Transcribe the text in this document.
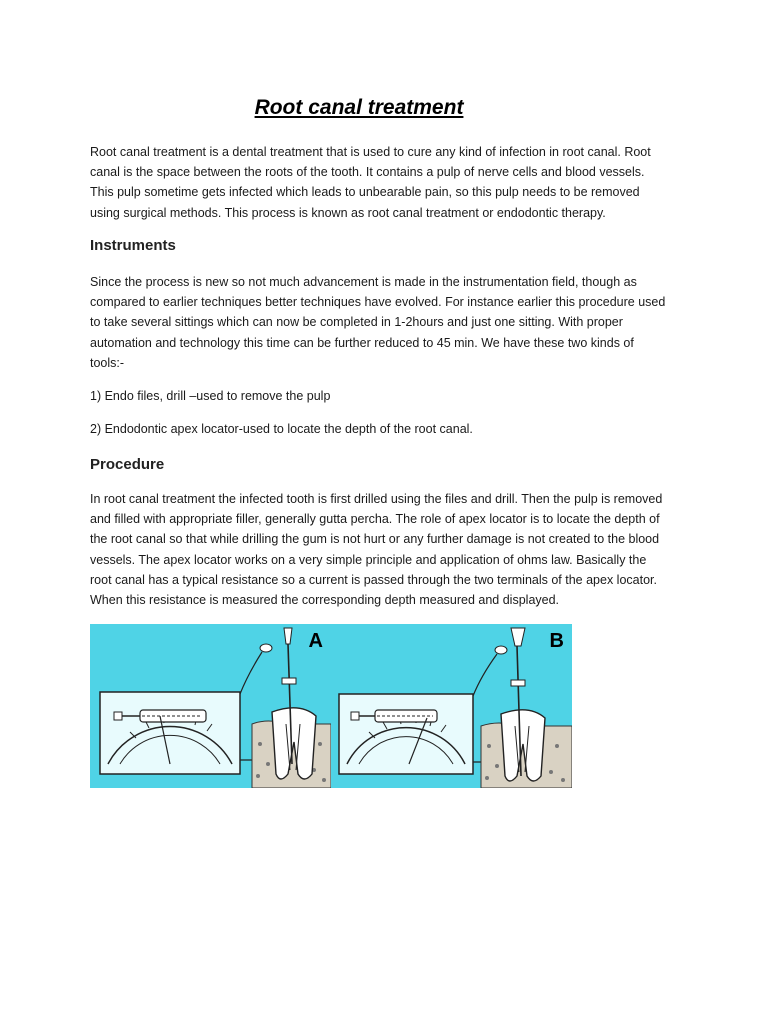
Root canal treatment

Root canal treatment is a dental treatment that is used to cure any kind of infection in root canal. Root canal is the space between the roots of the tooth. It contains a pulp of nerve cells and blood vessels. This pulp sometime gets infected which leads to unbearable pain, so this pulp needs to be removed using surgical methods. This process is known as root canal treatment or endodontic therapy.

Instruments

Since the process is new so not much advancement is made in the instrumentation field, though as compared to earlier techniques better techniques have evolved. For instance earlier this procedure used to take several sittings which can now be completed in 1-2hours and just one sitting. With proper automation and technology this time can be further reduced to 45 min. We have these two kinds of tools:-

1) Endo files, drill –used to remove the pulp

2) Endodontic apex locator-used to locate the depth of the root canal.

Procedure

In root canal treatment the infected tooth is first drilled using the files and drill. Then the pulp is removed and filled with appropriate filler, generally gutta percha. The role of apex locator is to locate the depth of the root canal so that while drilling the gum is not hurt or any further damage is not created to the blood vessels. The apex locator works on a very simple principle and application of ohms law. Basically the root canal has a typical resistance so a current is passed through the two terminals of the apex locator. When this resistance is measured the corresponding depth measured and displayed.

A	B
